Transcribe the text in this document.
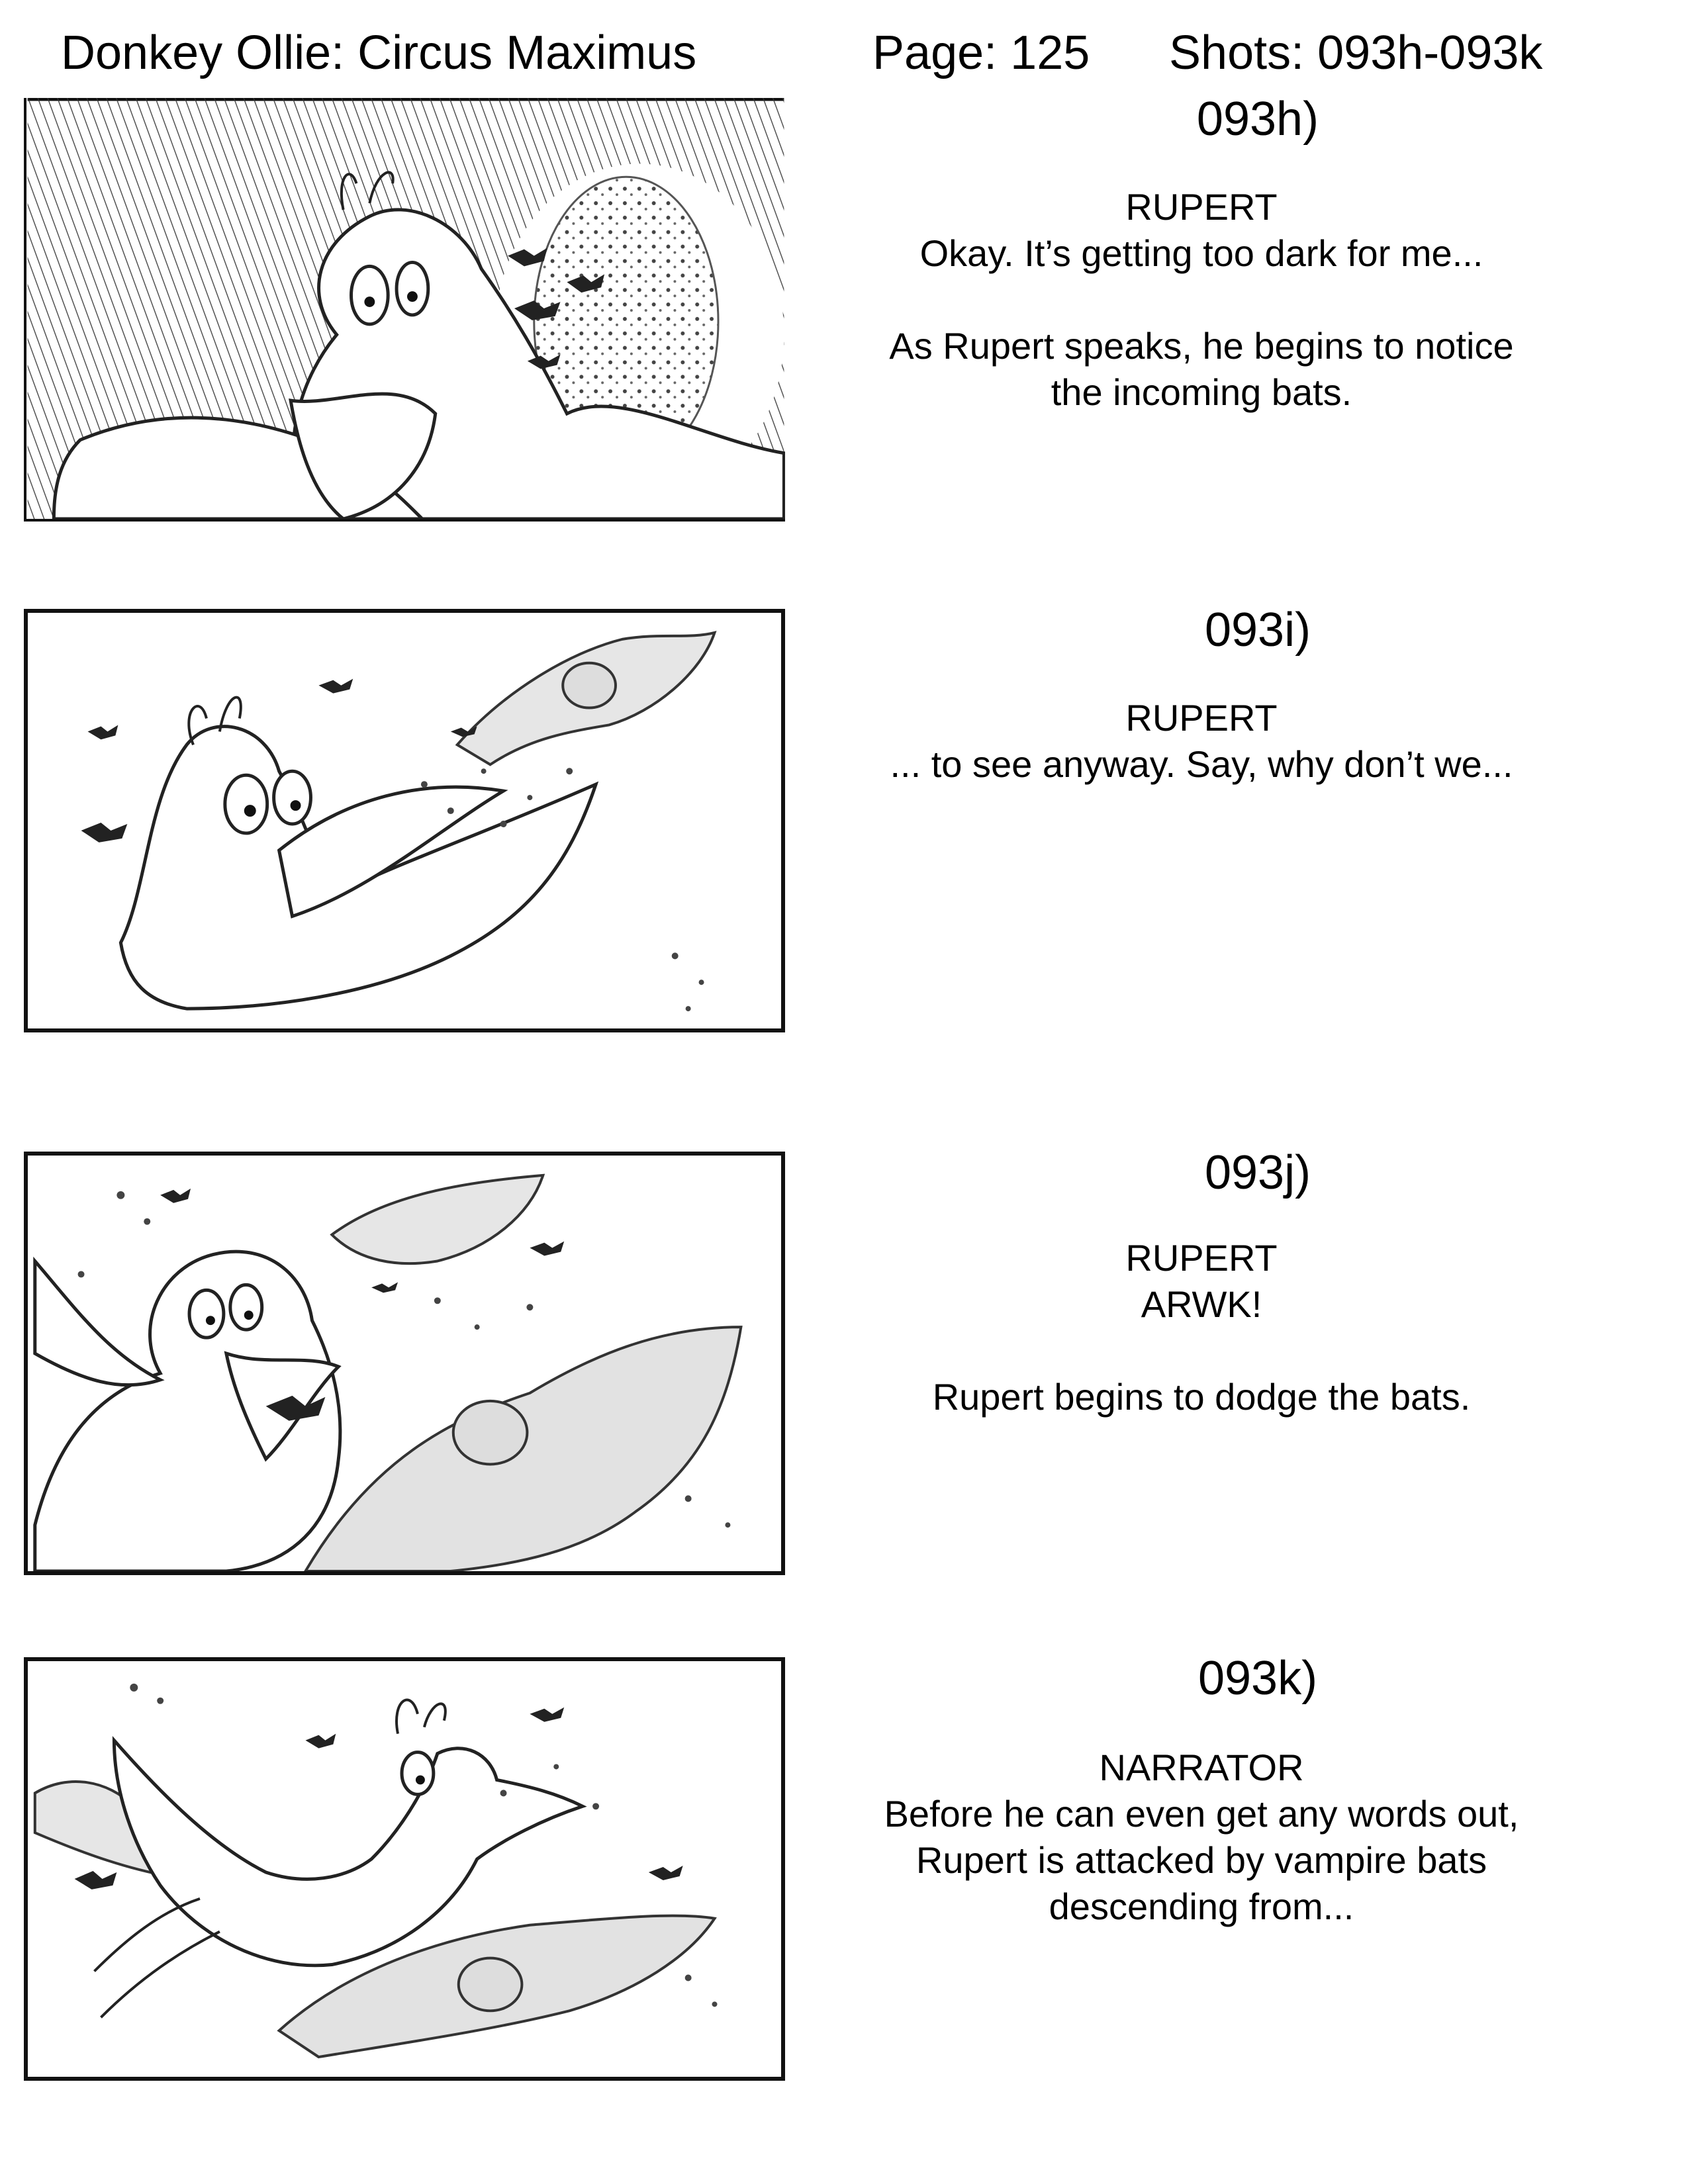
Donkey Ollie: Circus Maximus	Page: 125 Shots: 093h-093k
093h)

RUPERT

Okay. It’s getting too dark for me...

As Rupert speaks, he begins to notice

the incoming bats.

093i)

RUPERT

... to see anyway. Say, why don’t we...

093j)

RUPERT

ARWK!

Rupert begins to dodge the bats.

093k)

NARRATOR

Before he can even get any words out,

Rupert is attacked by vampire bats

descending from...
